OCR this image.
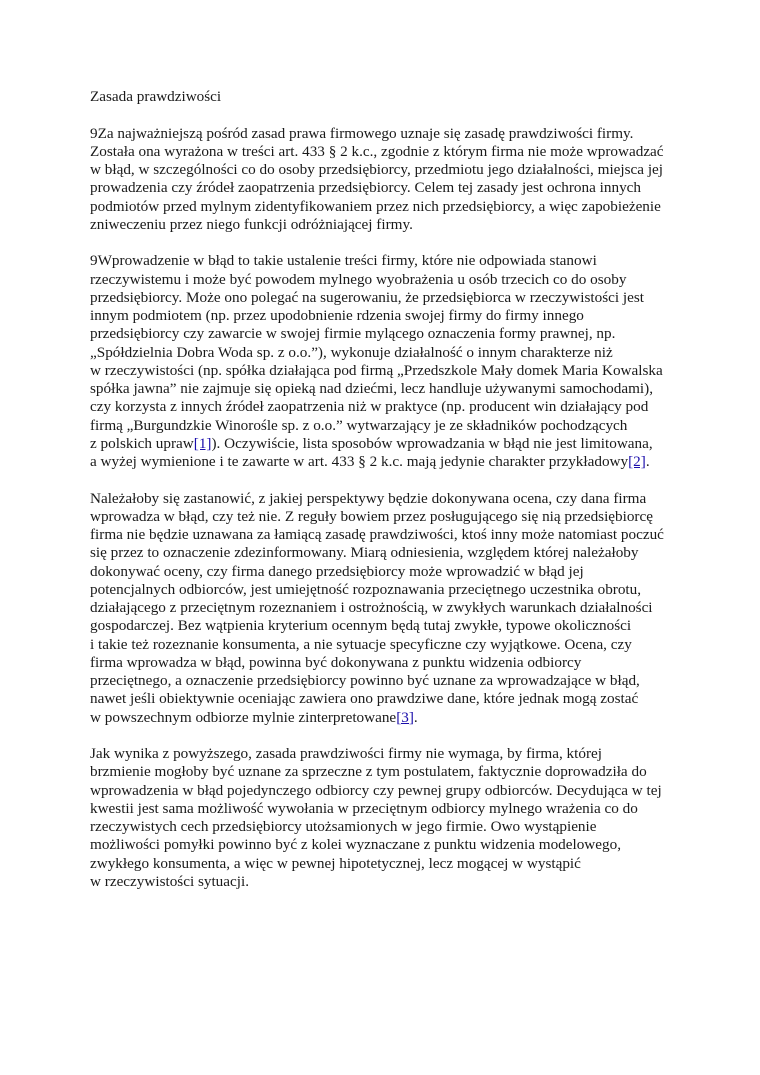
Zasada prawdziwości
9Za najważniejszą pośród zasad prawa firmowego uznaje się zasadę prawdziwości firmy.
Została ona wyrażona w treści art. 433 § 2 k.c., zgodnie z którym firma nie może wprowadzać
w błąd, w szczególności co do osoby przedsiębiorcy, przedmiotu jego działalności, miejsca jej
prowadzenia czy źródeł zaopatrzenia przedsiębiorcy. Celem tej zasady jest ochrona innych
podmiotów przed mylnym zidentyfikowaniem przez nich przedsiębiorcy, a więc zapobieżenie
zniweczeniu przez niego funkcji odróżniającej firmy.
9Wprowadzenie w błąd to takie ustalenie treści firmy, które nie odpowiada stanowi
rzeczywistemu i może być powodem mylnego wyobrażenia u osób trzecich co do osoby
przedsiębiorcy. Może ono polegać na sugerowaniu, że przedsiębiorca w rzeczywistości jest
innym podmiotem (np. przez upodobnienie rdzenia swojej firmy do firmy innego
przedsiębiorcy czy zawarcie w swojej firmie mylącego oznaczenia formy prawnej, np.
„Spółdzielnia Dobra Woda sp. z o.o.”), wykonuje działalność o innym charakterze niż
w rzeczywistości (np. spółka działająca pod firmą „Przedszkole Mały domek Maria Kowalska
spółka jawna” nie zajmuje się opieką nad dziećmi, lecz handluje używanymi samochodami),
czy korzysta z innych źródeł zaopatrzenia niż w praktyce (np. producent win działający pod
firmą „Burgundzkie Winorośle sp. z o.o.” wytwarzający je ze składników pochodzących
z polskich upraw[1]). Oczywiście, lista sposobów wprowadzania w błąd nie jest limitowana,
a wyżej wymienione i te zawarte w art. 433 § 2 k.c. mają jedynie charakter przykładowy[2].
Należałoby się zastanowić, z jakiej perspektywy będzie dokonywana ocena, czy dana firma
wprowadza w błąd, czy też nie. Z reguły bowiem przez posługującego się nią przedsiębiorcę
firma nie będzie uznawana za łamiącą zasadę prawdziwości, ktoś inny może natomiast poczuć
się przez to oznaczenie zdezinformowany. Miarą odniesienia, względem której należałoby
dokonywać oceny, czy firma danego przedsiębiorcy może wprowadzić w błąd jej
potencjalnych odbiorców, jest umiejętność rozpoznawania przeciętnego uczestnika obrotu,
działającego z przeciętnym rozeznaniem i ostrożnością, w zwykłych warunkach działalności
gospodarczej. Bez wątpienia kryterium ocennym będą tutaj zwykłe, typowe okoliczności
i takie też rozeznanie konsumenta, a nie sytuacje specyficzne czy wyjątkowe. Ocena, czy
firma wprowadza w błąd, powinna być dokonywana z punktu widzenia odbiorcy
przeciętnego, a oznaczenie przedsiębiorcy powinno być uznane za wprowadzające w błąd,
nawet jeśli obiektywnie oceniając zawiera ono prawdziwe dane, które jednak mogą zostać
w powszechnym odbiorze mylnie zinterpretowane[3].
Jak wynika z powyższego, zasada prawdziwości firmy nie wymaga, by firma, której
brzmienie mogłoby być uznane za sprzeczne z tym postulatem, faktycznie doprowadziła do
wprowadzenia w błąd pojedynczego odbiorcy czy pewnej grupy odbiorców. Decydująca w tej
kwestii jest sama możliwość wywołania w przeciętnym odbiorcy mylnego wrażenia co do
rzeczywistych cech przedsiębiorcy utożsamionych w jego firmie. Owo wystąpienie
możliwości pomyłki powinno być z kolei wyznaczane z punktu widzenia modelowego,
zwykłego konsumenta, a więc w pewnej hipotetycznej, lecz mogącej w wystąpić
w rzeczywistości sytuacji.
